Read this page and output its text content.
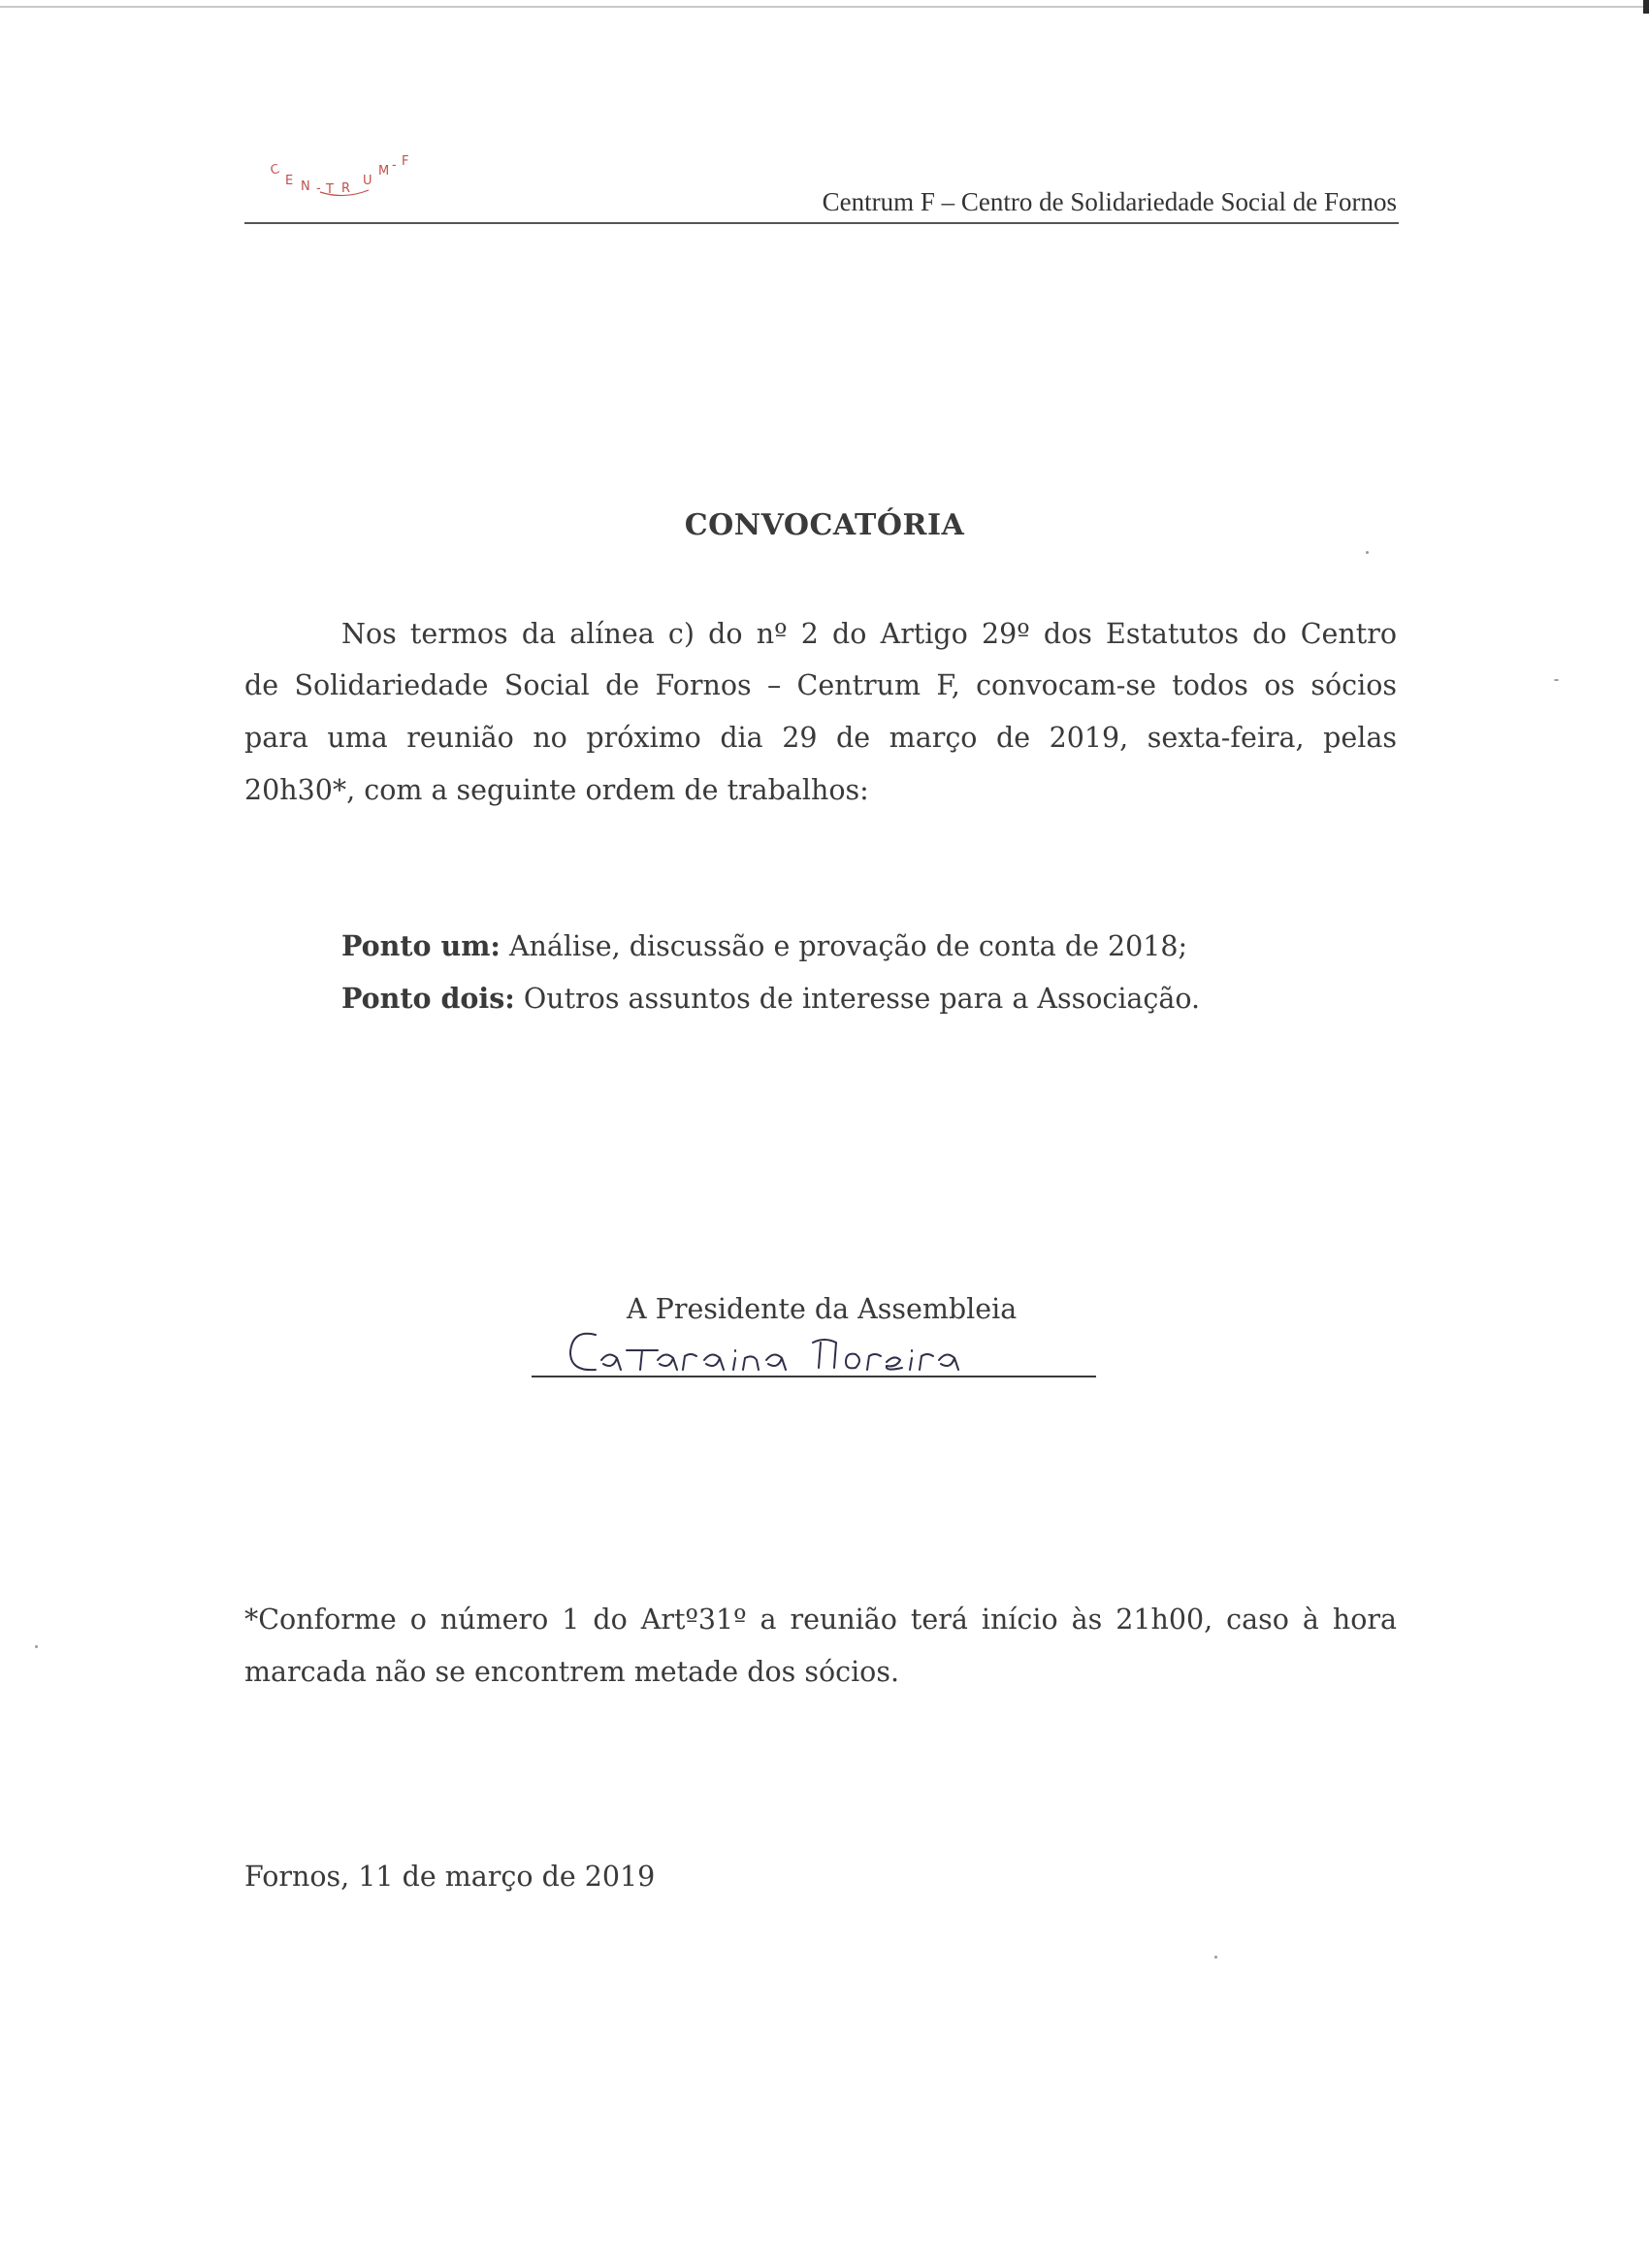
C
E N - T R
U
M - F
Centrum F – Centro de Solidariedade Social de Fornos
CONVOCATÓRIA
Nos termos da alínea c) do nº 2 do Artigo 29º dos Estatutos do Centro
de Solidariedade Social de Fornos – Centrum F, convocam-se todos os sócios
para uma reunião no próximo dia 29 de março de 2019, sexta-feira, pelas
20h30*, com a seguinte ordem de trabalhos:
Ponto um: Análise, discussão e provação de conta de 2018;
Ponto dois: Outros assuntos de interesse para a Associação.
A Presidente da Assembleia
*Conforme o número 1 do Artº31º a reunião terá início às 21h00, caso à hora
marcada não se encontrem metade dos sócios.
Fornos, 11 de março de 2019
